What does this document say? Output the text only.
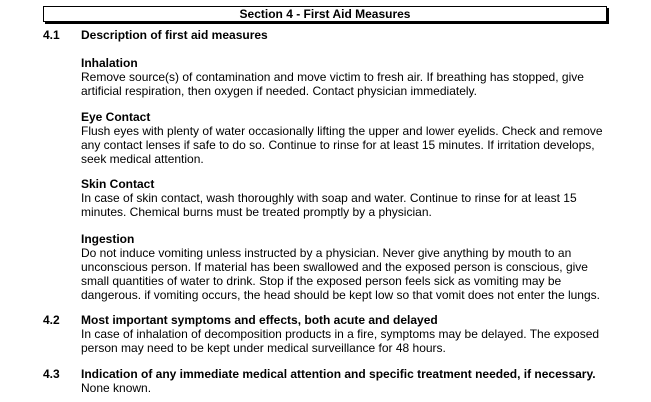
Section 4 - First Aid Measures
4.1 Description of first aid measures
Inhalation
Remove source(s) of contamination and move victim to fresh air. If breathing has stopped, give
artificial respiration, then oxygen if needed. Contact physician immediately.
Eye Contact
Flush eyes with plenty of water occasionally lifting the upper and lower eyelids. Check and remove
any contact lenses if safe to do so. Continue to rinse for at least 15 minutes. If irritation develops,
seek medical attention.
Skin Contact
In case of skin contact, wash thoroughly with soap and water. Continue to rinse for at least 15
minutes. Chemical burns must be treated promptly by a physician.
Ingestion
Do not induce vomiting unless instructed by a physician. Never give anything by mouth to an
unconscious person. If material has been swallowed and the exposed person is conscious, give
small quantities of water to drink. Stop if the exposed person feels sick as vomiting may be
dangerous. if vomiting occurs, the head should be kept low so that vomit does not enter the lungs.
4.2 Most important symptoms and effects, both acute and delayed
In case of inhalation of decomposition products in a fire, symptoms may be delayed. The exposed
person may need to be kept under medical surveillance for 48 hours.
4.3 Indication of any immediate medical attention and specific treatment needed, if necessary.
None known.
